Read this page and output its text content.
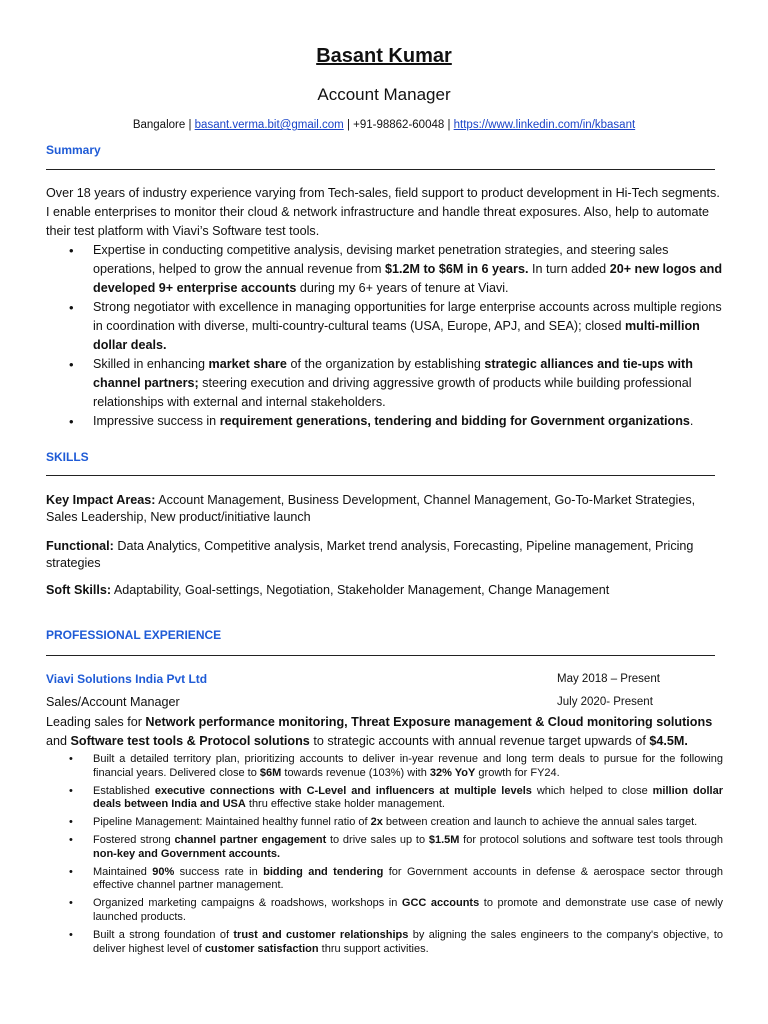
Basant Kumar
Account Manager
Bangalore | basant.verma.bit@gmail.com | +91-98862-60048 | https://www.linkedin.com/in/kbasant
Summary
Over 18 years of industry experience varying from Tech-sales, field support to product development in Hi-Tech segments. I enable enterprises to monitor their cloud & network infrastructure and handle threat exposures. Also, help to automate their test platform with Viavi’s Software test tools.
• Expertise in conducting competitive analysis, devising market penetration strategies, and steering sales operations, helped to grow the annual revenue from $1.2M to $6M in 6 years. In turn added 20+ new logos and developed 9+ enterprise accounts during my 6+ years of tenure at Viavi.
• Strong negotiator with excellence in managing opportunities for large enterprise accounts across multiple regions in coordination with diverse, multi-country-cultural teams (USA, Europe, APJ, and SEA); closed multi-million dollar deals.
• Skilled in enhancing market share of the organization by establishing strategic alliances and tie-ups with channel partners; steering execution and driving aggressive growth of products while building professional relationships with external and internal stakeholders.
• Impressive success in requirement generations, tendering and bidding for Government organizations.
SKILLS
Key Impact Areas: Account Management, Business Development, Channel Management, Go-To-Market Strategies, Sales Leadership, New product/initiative launch
Functional: Data Analytics, Competitive analysis, Market trend analysis, Forecasting, Pipeline management, Pricing strategies
Soft Skills: Adaptability, Goal-settings, Negotiation, Stakeholder Management, Change Management
PROFESSIONAL EXPERIENCE
Viavi Solutions India Pvt Ltd	May 2018 – Present
Sales/Account Manager	July 2020- Present
Leading sales for Network performance monitoring, Threat Exposure management & Cloud monitoring solutions and Software test tools & Protocol solutions to strategic accounts with annual revenue target upwards of $4.5M.
• Built a detailed territory plan, prioritizing accounts to deliver in-year revenue and long term deals to pursue for the following financial years. Delivered close to $6M towards revenue (103%) with 32% YoY growth for FY24.
• Established executive connections with C-Level and influencers at multiple levels which helped to close million dollar deals between India and USA thru effective stake holder management.
• Pipeline Management: Maintained healthy funnel ratio of 2x between creation and launch to achieve the annual sales target.
• Fostered strong channel partner engagement to drive sales up to $1.5M for protocol solutions and software test tools through non-key and Government accounts.
• Maintained 90% success rate in bidding and tendering for Government accounts in defense & aerospace sector through effective channel partner management.
• Organized marketing campaigns & roadshows, workshops in GCC accounts to promote and demonstrate use case of newly launched products.
• Built a strong foundation of trust and customer relationships by aligning the sales engineers to the company's objective, to deliver highest level of customer satisfaction thru support activities.
